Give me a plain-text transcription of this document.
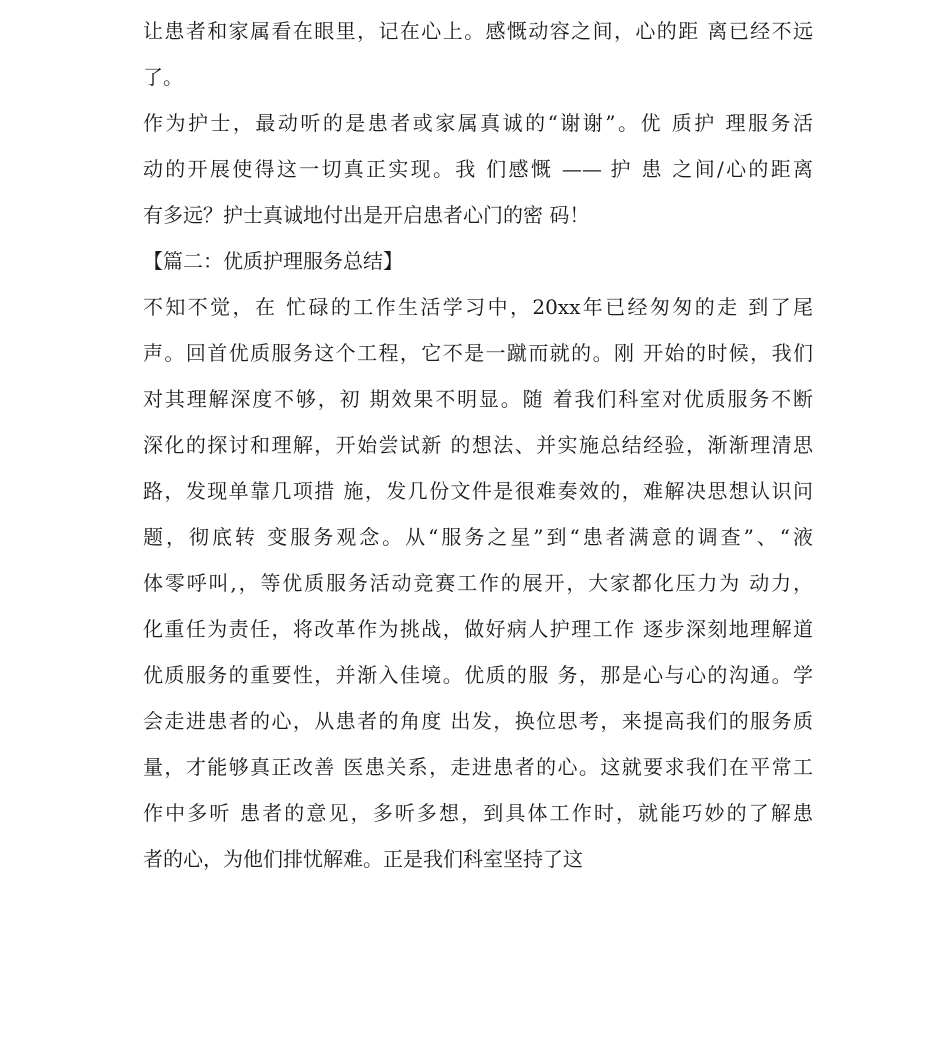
让患者和家属看在眼里，记在心上。感慨动容之间，心的距 离已经不远
了。
作为护士，最动听的是患者或家属真诚的“谢谢”。优 质护 理服务活
动的开展使得这一切真正实现。我 们感慨 —— 护 患 之间/心的距离
有多远？护士真诚地付出是开启患者心门的密 码！
【篇二：优质护理服务总结】
不知不觉，在 忙碌的工作生活学习中，20xx年已经匆匆的走 到了尾
声。回首优质服务这个工程，它不是一蹴而就的。刚 开始的时候，我们
对其理解深度不够，初 期效果不明显。随 着我们科室对优质服务不断
深化的探讨和理解，开始尝试新 的想法、并实施总结经验，渐渐理清思
路，发现单靠几项措 施，发几份文件是很难奏效的，难解决思想认识问
题，彻底转 变服务观念。从“服务之星”到“患者满意的调查”、“液
体零呼叫,，等优质服务活动竞赛工作的展开，大家都化压力为 动力，
化重任为责任，将改革作为挑战，做好病人护理工作 逐步深刻地理解道
优质服务的重要性，并渐入佳境。优质的服 务，那是心与心的沟通。学
会走进患者的心，从患者的角度 出发，换位思考，来提高我们的服务质
量，才能够真正改善 医患关系，走进患者的心。这就要求我们在平常工
作中多听 患者的意见，多听多想，到具体工作时，就能巧妙的了解患
者的心，为他们排忧解难。正是我们科室坚持了这
